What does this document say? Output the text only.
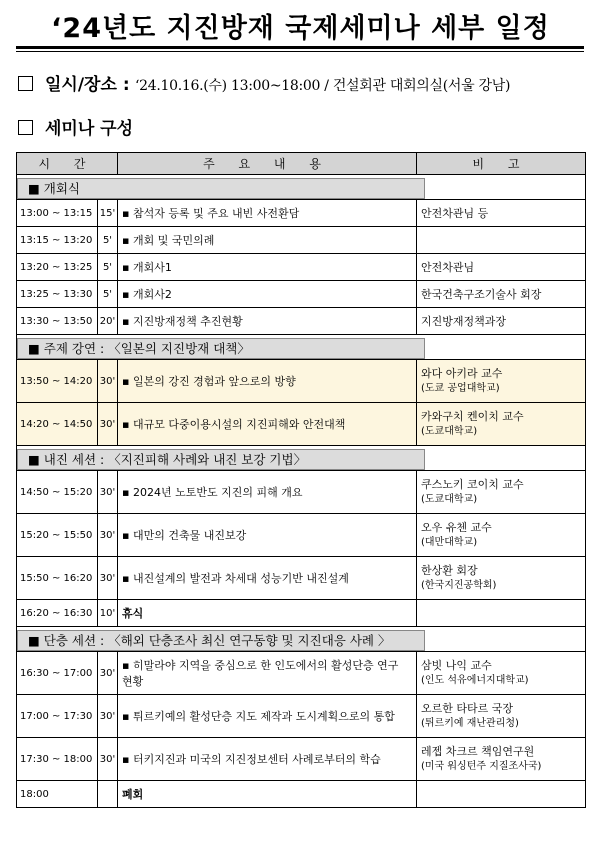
‘24년도 지진방재 국제세미나 세부 일정
일시/장소 : ‘24.10.16.(수) 13:00~18:00 / 건설회관 대회의실(서울 강남)
세미나 구성
시 간		주 요 내 용	비 고
■ 개회식			
13:00 ~ 13:15	15'	▪ 참석자 등록 및 주요 내빈 사전환담	안전차관님 등

13:15 ~ 13:20	5'	▪ 개회 및 국민의례	

13:20 ~ 13:25	5'	▪ 개회사1	안전차관님

13:25 ~ 13:30	5'	▪ 개회사2	한국건축구조기술사 회장

13:30 ~ 13:50	20'	▪ 지진방재정책 추진현황	지진방재정책과장

■ 주제 강연 : 〈일본의 지진방재 대책〉			
13:50 ~ 14:20	30'	▪ 일본의 강진 경험과 앞으로의 방향	와다 아키라 교수
(도쿄 공업대학교)

14:20 ~ 14:50	30'	▪ 대규모 다중이용시설의 지진피해와 안전대책	카와구치 켄이치 교수
(도쿄대학교)

■ 내진 세션 : 〈지진피해 사례와 내진 보강 기법〉			
14:50 ~ 15:20	30'	▪ 2024년 노토반도 지진의 피해 개요	쿠스노키 코이치 교수
(도쿄대학교)

15:20 ~ 15:50	30'	▪ 대만의 건축물 내진보강	오우 유첸 교수
(대만대학교)

15:50 ~ 16:20	30'	▪ 내진설계의 발전과 차세대 성능기반 내진설계	한상환 회장
(한국지진공학회)

16:20 ~ 16:30	10'	휴식	

■ 단층 세션 : 〈해외 단층조사 최신 연구동향 및 지진대응 사례 〉			
16:30 ~ 17:00	30'	▪ 히말라야 지역을 중심으로 한 인도에서의 활성단층 연구 현황	삼빗 나익 교수
(인도 석유에너지대학교)

17:00 ~ 17:30	30'	▪ 튀르키예의 활성단층 지도 제작과 도시계획으로의 통합	오르한 타타르 국장
(튀르키예 재난관리청)

17:30 ~ 18:00	30'	▪ 터키지진과 미국의 지진정보센터 사례로부터의 학습	레젭 차크르 책임연구원
(미국 워싱턴주 지질조사국)

18:00		폐회	
